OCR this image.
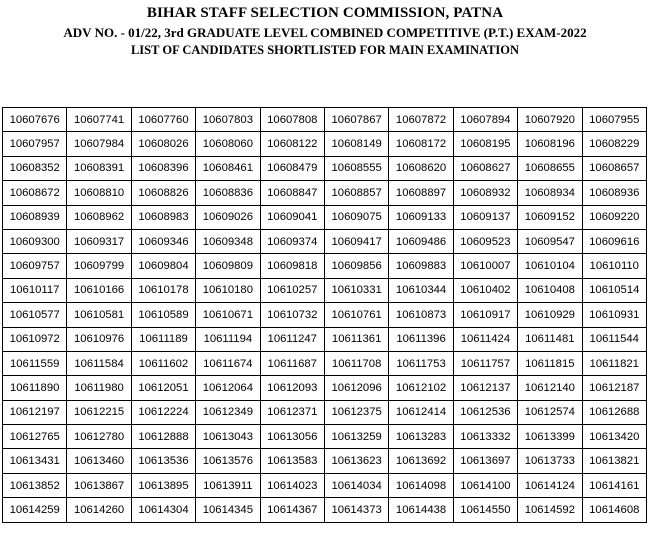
BIHAR STAFF SELECTION COMMISSION, PATNA
ADV NO. - 01/22, 3rd GRADUATE LEVEL COMBINED COMPETITIVE (P.T.) EXAM-2022
LIST OF CANDIDATES SHORTLISTED FOR MAIN EXAMINATION
10607676	10607741	10607760	10607803	10607808	10607867	10607872	10607894	10607920	10607955
10607957	10607984	10608026	10608060	10608122	10608149	10608172	10608195	10608196	10608229
10608352	10608391	10608396	10608461	10608479	10608555	10608620	10608627	10608655	10608657
10608672	10608810	10608826	10608836	10608847	10608857	10608897	10608932	10608934	10608936
10608939	10608962	10608983	10609026	10609041	10609075	10609133	10609137	10609152	10609220
10609300	10609317	10609346	10609348	10609374	10609417	10609486	10609523	10609547	10609616
10609757	10609799	10609804	10609809	10609818	10609856	10609883	10610007	10610104	10610110
10610117	10610166	10610178	10610180	10610257	10610331	10610344	10610402	10610408	10610514
10610577	10610581	10610589	10610671	10610732	10610761	10610873	10610917	10610929	10610931
10610972	10610976	10611189	10611194	10611247	10611361	10611396	10611424	10611481	10611544
10611559	10611584	10611602	10611674	10611687	10611708	10611753	10611757	10611815	10611821
10611890	10611980	10612051	10612064	10612093	10612096	10612102	10612137	10612140	10612187
10612197	10612215	10612224	10612349	10612371	10612375	10612414	10612536	10612574	10612688
10612765	10612780	10612888	10613043	10613056	10613259	10613283	10613332	10613399	10613420
10613431	10613460	10613536	10613576	10613583	10613623	10613692	10613697	10613733	10613821
10613852	10613867	10613895	10613911	10614023	10614034	10614098	10614100	10614124	10614161
10614259	10614260	10614304	10614345	10614367	10614373	10614438	10614550	10614592	10614608
